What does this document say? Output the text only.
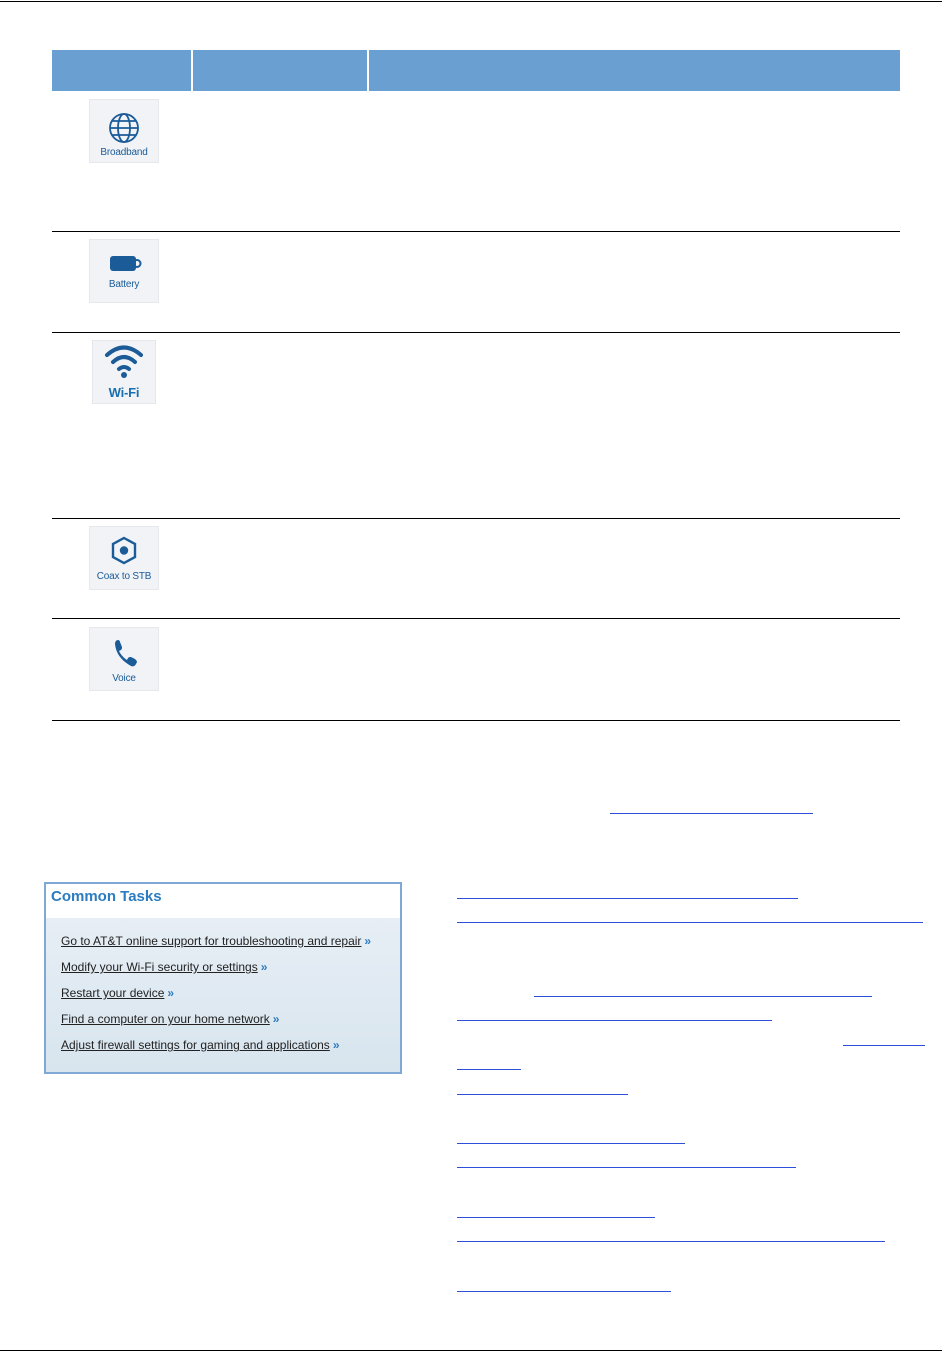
Broadband
Battery
Wi-Fi
Coax to STB
Voice
Common Tasks
Go to AT&T online support for troubleshooting and repair »
Modify your Wi-Fi security or settings »
Restart your device »
Find a computer on your home network »
Adjust firewall settings for gaming and applications »
